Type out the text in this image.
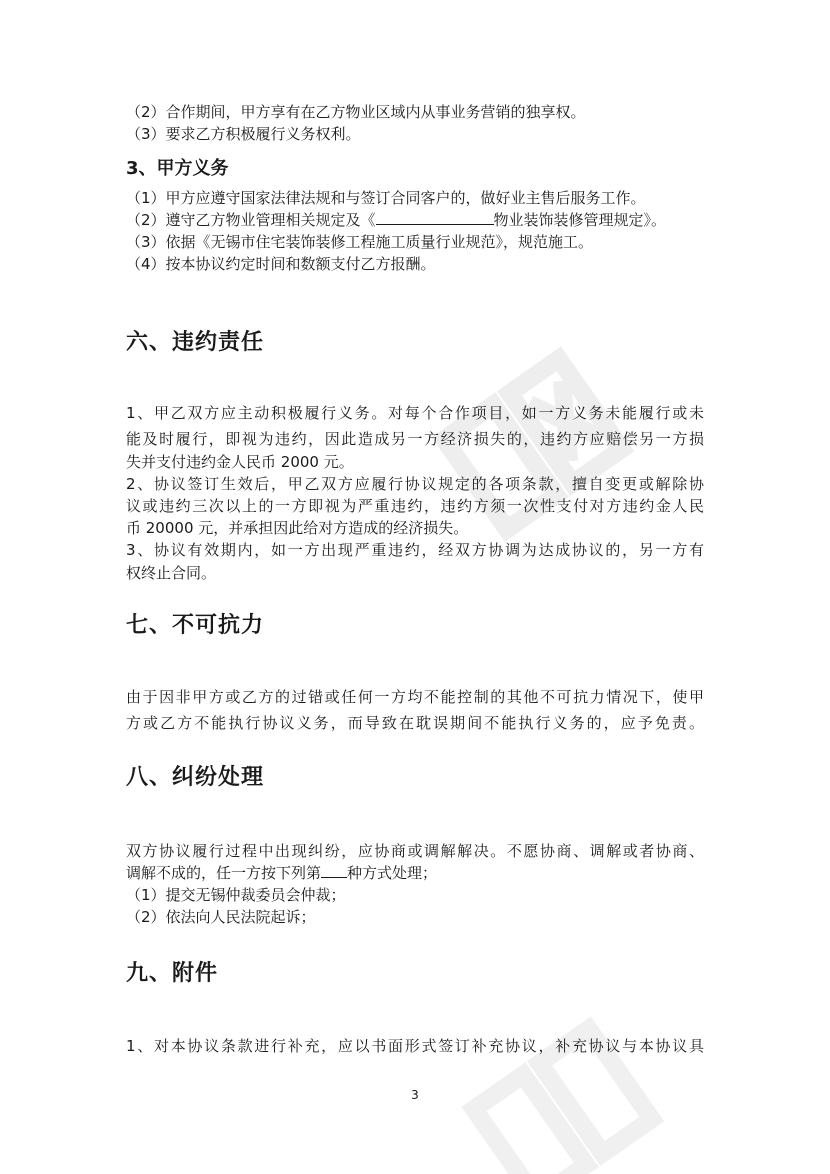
（2）合作期间，甲方享有在乙方物业区域内从事业务营销的独享权。
（3）要求乙方积极履行义务权利。
3、甲方义务
（1）甲方应遵守国家法律法规和与签订合同客户的，做好业主售后服务工作。
（2）遵守乙方物业管理相关规定及《	物业装饰装修管理规定》。
（3）依据《无锡市住宅装饰装修工程施工质量行业规范》，规范施工。
（4）按本协议约定时间和数额支付乙方报酬。
六、违约责任
1、甲乙双方应主动积极履行义务。对每个合作项目，如一方义务未能履行或未
能及时履行，即视为违约，因此造成另一方经济损失的，违约方应赔偿另一方损
失并支付违约金人民币 2000 元。
2、协议签订生效后，甲乙双方应履行协议规定的各项条款，擅自变更或解除协
议或违约三次以上的一方即视为严重违约，违约方须一次性支付对方违约金人民
币 20000 元，并承担因此给对方造成的经济损失。
3、协议有效期内，如一方出现严重违约，经双方协调为达成协议的，另一方有
权终止合同。
七、不可抗力
由于因非甲方或乙方的过错或任何一方均不能控制的其他不可抗力情况下，使甲
方或乙方不能执行协议义务，而导致在耽误期间不能执行义务的，应予免责。
八、纠纷处理
双方协议履行过程中出现纠纷，应协商或调解解决。不愿协商、调解或者协商、
调解不成的，任一方按下列第 种方式处理；
（1）提交无锡仲裁委员会仲裁；
（2）依法向人民法院起诉；
九、附件
1、对本协议条款进行补充，应以书面形式签订补充协议，补充协议与本协议具
3
